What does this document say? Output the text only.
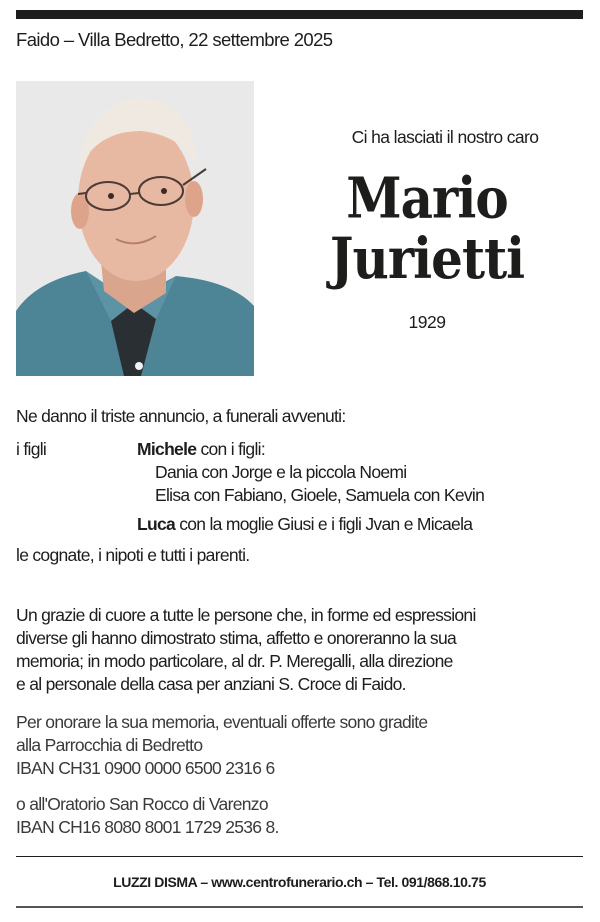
Faido – Villa Bedretto, 22 settembre 2025
Ci ha lasciati il nostro caro
Mario
Jurietti
1929
Ne danno il triste annuncio, a funerali avvenuti:
i figli	Michele con i figli:
Dania con Jorge e la piccola Noemi
Elisa con Fabiano, Gioele, Samuela con Kevin
Luca con la moglie Giusi e i figli Jvan e Micaela
le cognate, i nipoti e tutti i parenti.
Un grazie di cuore a tutte le persone che, in forme ed espressioni
diverse gli hanno dimostrato stima, affetto e onoreranno la sua
memoria; in modo particolare, al dr. P. Meregalli, alla direzione
e al personale della casa per anziani S. Croce di Faido.
Per onorare la sua memoria, eventuali offerte sono gradite
alla Parrocchia di Bedretto
IBAN CH31 0900 0000 6500 2316 6
o all'Oratorio San Rocco di Varenzo
IBAN CH16 8080 8001 1729 2536 8.
LUZZI DISMA – www.centrofunerario.ch – Tel. 091/868.10.75
